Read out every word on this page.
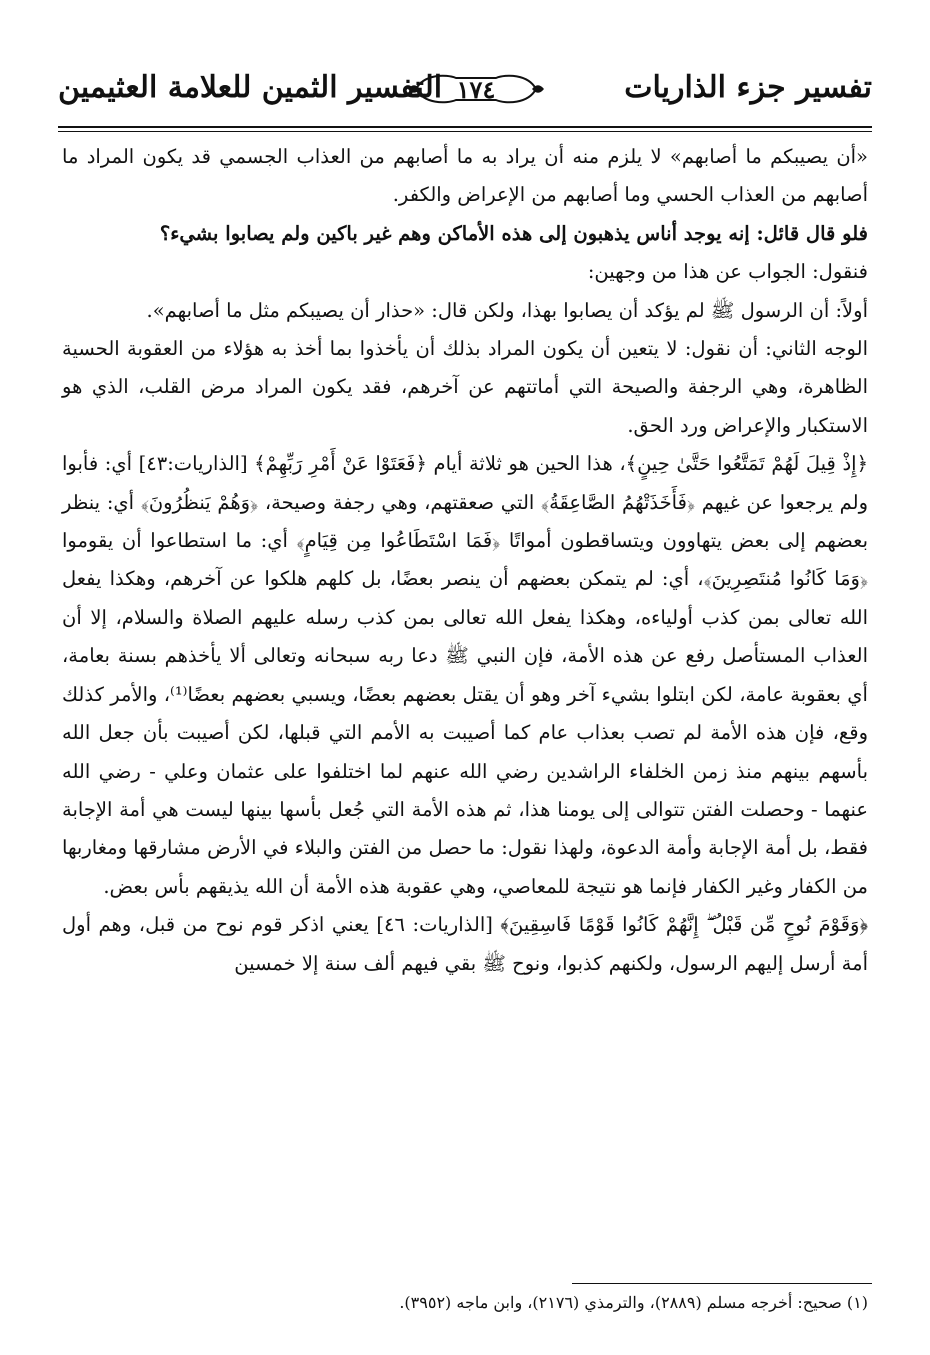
تفسير جزء الذاريات
١٧٤
التفسير الثمين للعلامة العثيمين

«أن يصيبكم ما أصابهم» لا يلزم منه أن يراد به ما أصابهم من العذاب الجسمي قد يكون المراد ما أصابهم من العذاب الحسي وما أصابهم من الإعراض والكفر.

فلو قال قائل: إنه يوجد أناس يذهبون إلى هذه الأماكن وهم غير باكين ولم يصابوا بشيء؟

فنقول: الجواب عن هذا من وجهين:

أولاً: أن الرسول ﷺ لم يؤكد أن يصابوا بهذا، ولكن قال: «حذار أن يصيبكم مثل ما أصابهم».

الوجه الثاني: أن نقول: لا يتعين أن يكون المراد بذلك أن يأخذوا بما أخذ به هؤلاء من العقوبة الحسية الظاهرة، وهي الرجفة والصيحة التي أماتتهم عن آخرهم، فقد يكون المراد مرض القلب، الذي هو الاستكبار والإعراض ورد الحق.

﴿إِذْ قِيلَ لَهُمْ تَمَتَّعُوا حَتَّىٰ حِينٍ﴾، هذا الحين هو ثلاثة أيام ﴿فَعَتَوْا عَنْ أَمْرِ رَبِّهِمْ﴾ [الذاريات:٤٣] أي: فأبوا ولم يرجعوا عن غيهم ﴿فَأَخَذَتْهُمُ الصَّاعِقَةُ﴾ التي صعقتهم، وهي رجفة وصيحة، ﴿وَهُمْ يَنظُرُونَ﴾ أي: ينظر بعضهم إلى بعض يتهاوون ويتساقطون أمواتًا ﴿فَمَا اسْتَطَاعُوا مِن قِيَامٍ﴾ أي: ما استطاعوا أن يقوموا ﴿وَمَا كَانُوا مُنتَصِرِينَ﴾، أي: لم يتمكن بعضهم أن ينصر بعضًا، بل كلهم هلكوا عن آخرهم، وهكذا يفعل الله تعالى بمن كذب أولياءه، وهكذا يفعل الله تعالى بمن كذب رسله عليهم الصلاة والسلام، إلا أن العذاب المستأصل رفع عن هذه الأمة، فإن النبي ﷺ دعا ربه سبحانه وتعالى ألا يأخذهم بسنة بعامة، أي بعقوبة عامة، لكن ابتلوا بشيء آخر وهو أن يقتل بعضهم بعضًا، ويسبي بعضهم بعضًا⁽¹⁾، والأمر كذلك وقع، فإن هذه الأمة لم تصب بعذاب عام كما أصيبت به الأمم التي قبلها، لكن أصيبت بأن جعل الله بأسهم بينهم منذ زمن الخلفاء الراشدين رضي الله عنهم لما اختلفوا على عثمان وعلي - رضي الله عنهما - وحصلت الفتن تتوالى إلى يومنا هذا، ثم هذه الأمة التي جُعل بأسها بينها ليست هي أمة الإجابة فقط، بل أمة الإجابة وأمة الدعوة، ولهذا نقول: ما حصل من الفتن والبلاء في الأرض مشارقها ومغاربها من الكفار وغير الكفار فإنما هو نتيجة للمعاصي، وهي عقوبة هذه الأمة أن الله يذيقهم بأس بعض.

﴿وَقَوْمَ نُوحٍ مِّن قَبْلُ ۖ إِنَّهُمْ كَانُوا قَوْمًا فَاسِقِينَ﴾ [الذاريات: ٤٦] يعني اذكر قوم نوح من قبل، وهم أول أمة أرسل إليهم الرسول، ولكنهم كذبوا، ونوح ﷺ بقي فيهم ألف سنة إلا خمسين

(١) صحيح: أخرجه مسلم (٢٨٨٩)، والترمذي (٢١٧٦)، وابن ماجه (٣٩٥٢).
